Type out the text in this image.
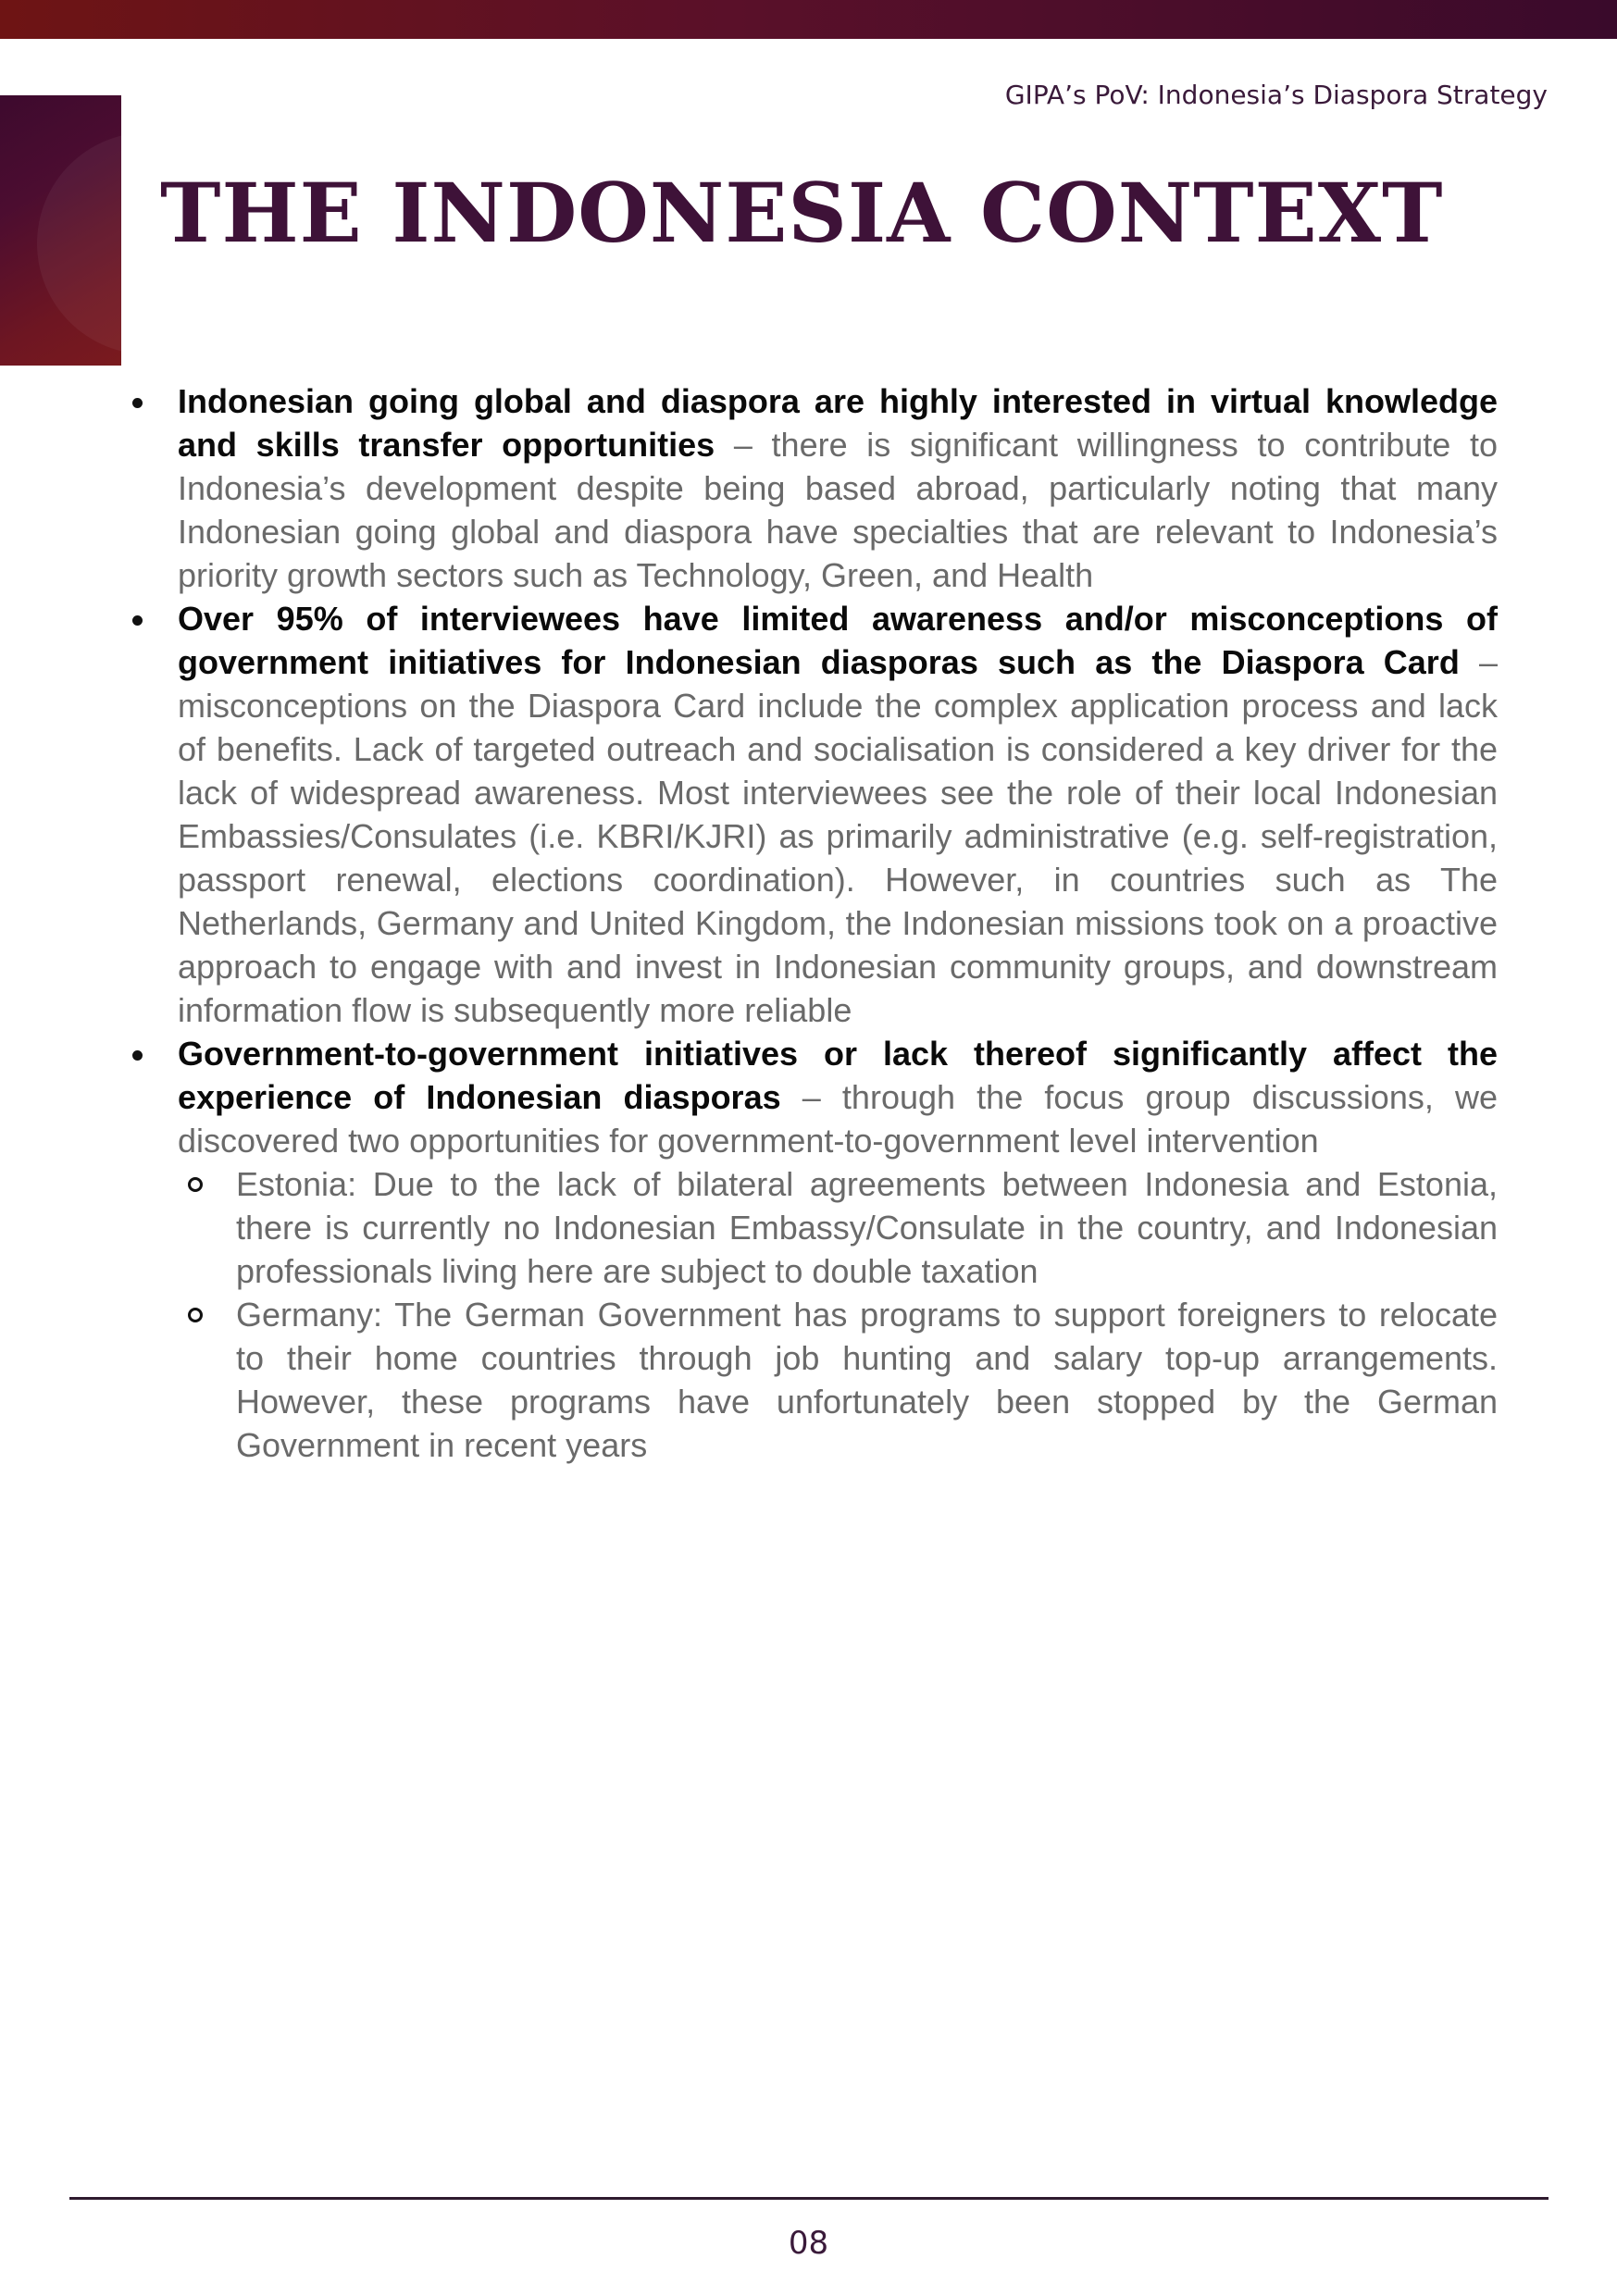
GIPA’s PoV: Indonesia’s Diaspora Strategy
THE INDONESIA CONTEXT
Indonesian going global and diaspora are highly interested in virtual knowledge and skills transfer opportunities – there is significant willingness to contribute to Indonesia’s development despite being based abroad, particularly noting that many Indonesian going global and diaspora have specialties that are relevant to Indonesia’s priority growth sectors such as Technology, Green, and Health
Over 95% of interviewees have limited awareness and/or misconceptions of government initiatives for Indonesian diasporas such as the Diaspora Card – misconceptions on the Diaspora Card include the complex application process and lack of benefits. Lack of targeted outreach and socialisation is considered a key driver for the lack of widespread awareness. Most interviewees see the role of their local Indonesian Embassies/Consulates (i.e. KBRI/KJRI) as primarily administrative (e.g. self-registration, passport renewal, elections coordination). However, in countries such as The Netherlands, Germany and United Kingdom, the Indonesian missions took on a proactive approach to engage with and invest in Indonesian community groups, and downstream information flow is subsequently more reliable
Government-to-government initiatives or lack thereof significantly affect the experience of Indonesian diasporas – through the focus group discussions, we discovered two opportunities for government-to-government level intervention
Estonia: Due to the lack of bilateral agreements between Indonesia and Estonia, there is currently no Indonesian Embassy/Consulate in the country, and Indonesian professionals living here are subject to double taxation
Germany: The German Government has programs to support foreigners to relocate to their home countries through job hunting and salary top-up arrangements. However, these programs have unfortunately been stopped by the German Government in recent years
08
